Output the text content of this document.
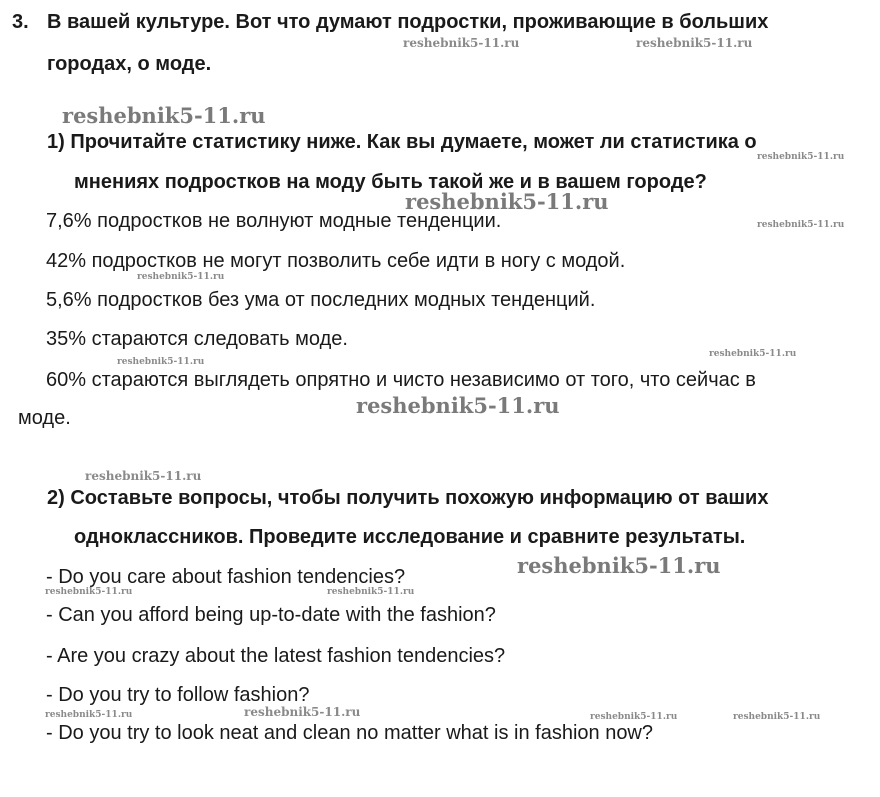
3. В вашей культуре. Вот что думают подростки, проживающие в больших
городах, о моде.
1) Прочитайте статистику ниже. Как вы думаете, может ли статистика о
мнениях подростков на моду быть такой же и в вашем городе?
7,6% подростков не волнуют модные тенденции.
42% подростков не могут позволить себе идти в ногу с модой.
5,6% подростков без ума от последних модных тенденций.
35% стараются следовать моде.
60% стараются выглядеть опрятно и чисто независимо от того, что сейчас в
моде.
2) Составьте вопросы, чтобы получить похожую информацию от ваших
одноклассников. Проведите исследование и сравните результаты.
- Do you care about fashion tendencies?
- Can you afford being up-to-date with the fashion?
- Are you crazy about the latest fashion tendencies?
- Do you try to follow fashion?
- Do you try to look neat and clean no matter what is in fashion now?
reshebnik5-11.ru	reshebnik5-11.ru
reshebnik5-11.ru
reshebnik5-11.ru
reshebnik5-11.ru
reshebnik5-11.ru
reshebnik5-11.ru
reshebnik5-11.ru
reshebnik5-11.ru
reshebnik5-11.ru
reshebnik5-11.ru
reshebnik5-11.ru
reshebnik5-11.ru	reshebnik5-11.ru
reshebnik5-11.ru	reshebnik5-11.ru	reshebnik5-11.ru	reshebnik5-11.ru
